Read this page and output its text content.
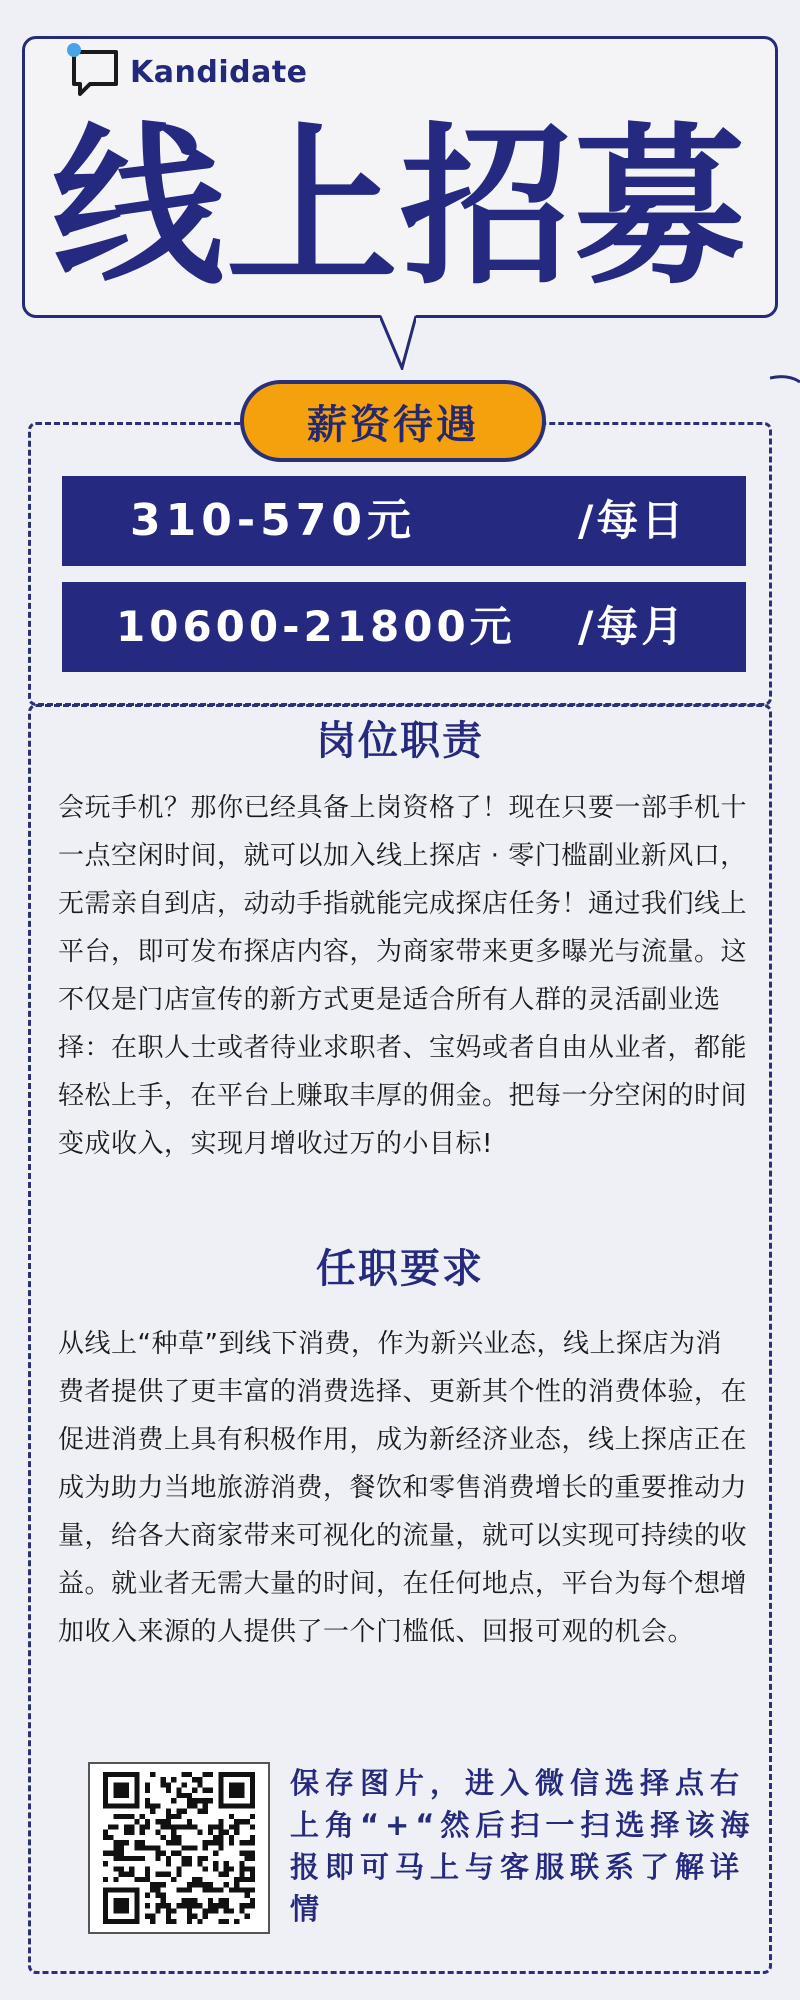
Kandidate
线上招募
薪资待遇
310-570元	/每日
10600-21800元 /每月
岗位职责

会玩手机？那你已经具备上岗资格了！现在只要一部手机十一点空闲时间，就可以加入线上探店 · 零门槛副业新风口，无需亲自到店，动动手指就能完成探店任务！通过我们线上平台，即可发布探店内容，为商家带来更多曝光与流量。这不仅是门店宣传的新方式更是适合所有人群的灵活副业选择：在职人士或者待业求职者、宝妈或者自由从业者，都能轻松上手，在平台上赚取丰厚的佣金。把每一分空闲的时间变成收入，实现月增收过万的小目标!

任职要求

从线上“种草”到线下消费，作为新兴业态，线上探店为消费者提供了更丰富的消费选择、更新其个性的消费体验，在促进消费上具有积极作用，成为新经济业态，线上探店正在成为助力当地旅游消费，餐饮和零售消费增长的重要推动力量，给各大商家带来可视化的流量，就可以实现可持续的收益。就业者无需大量的时间，在任何地点，平台为每个想增加收入来源的人提供了一个门槛低、回报可观的机会。

保存图片，进入微信选择点右上角“+“然后扫一扫选择该海报即可马上与客服联系了解详情
